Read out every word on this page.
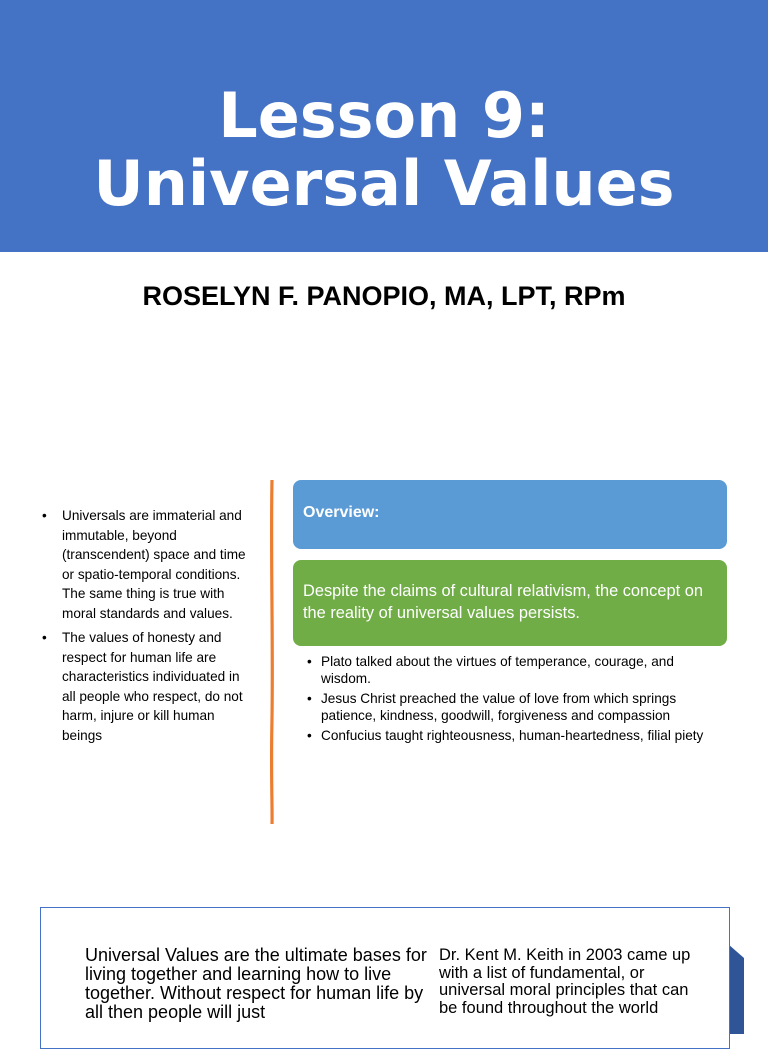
Lesson 9:
Universal Values
ROSELYN F. PANOPIO, MA, LPT, RPm
• Universals are immaterial and immutable, beyond (transcendent) space and time or spatio-temporal conditions. The same thing is true with moral standards and values.
• The values of honesty and respect for human life are characteristics individuated in all people who respect, do not harm, injure or kill human beings
Overview:
Despite the claims of cultural relativism, the concept on the reality of universal values persists.
• Plato talked about the virtues of temperance, courage, and wisdom.
• Jesus Christ preached the value of love from which springs patience, kindness, goodwill, forgiveness and compassion
• Confucius taught righteousness, human-heartedness, filial piety
Universal Values are the ultimate bases for living together and learning how to live together. Without respect for human life by all then people will just
Dr. Kent M. Keith in 2003 came up with a list of fundamental, or universal moral principles that can be found throughout the world
